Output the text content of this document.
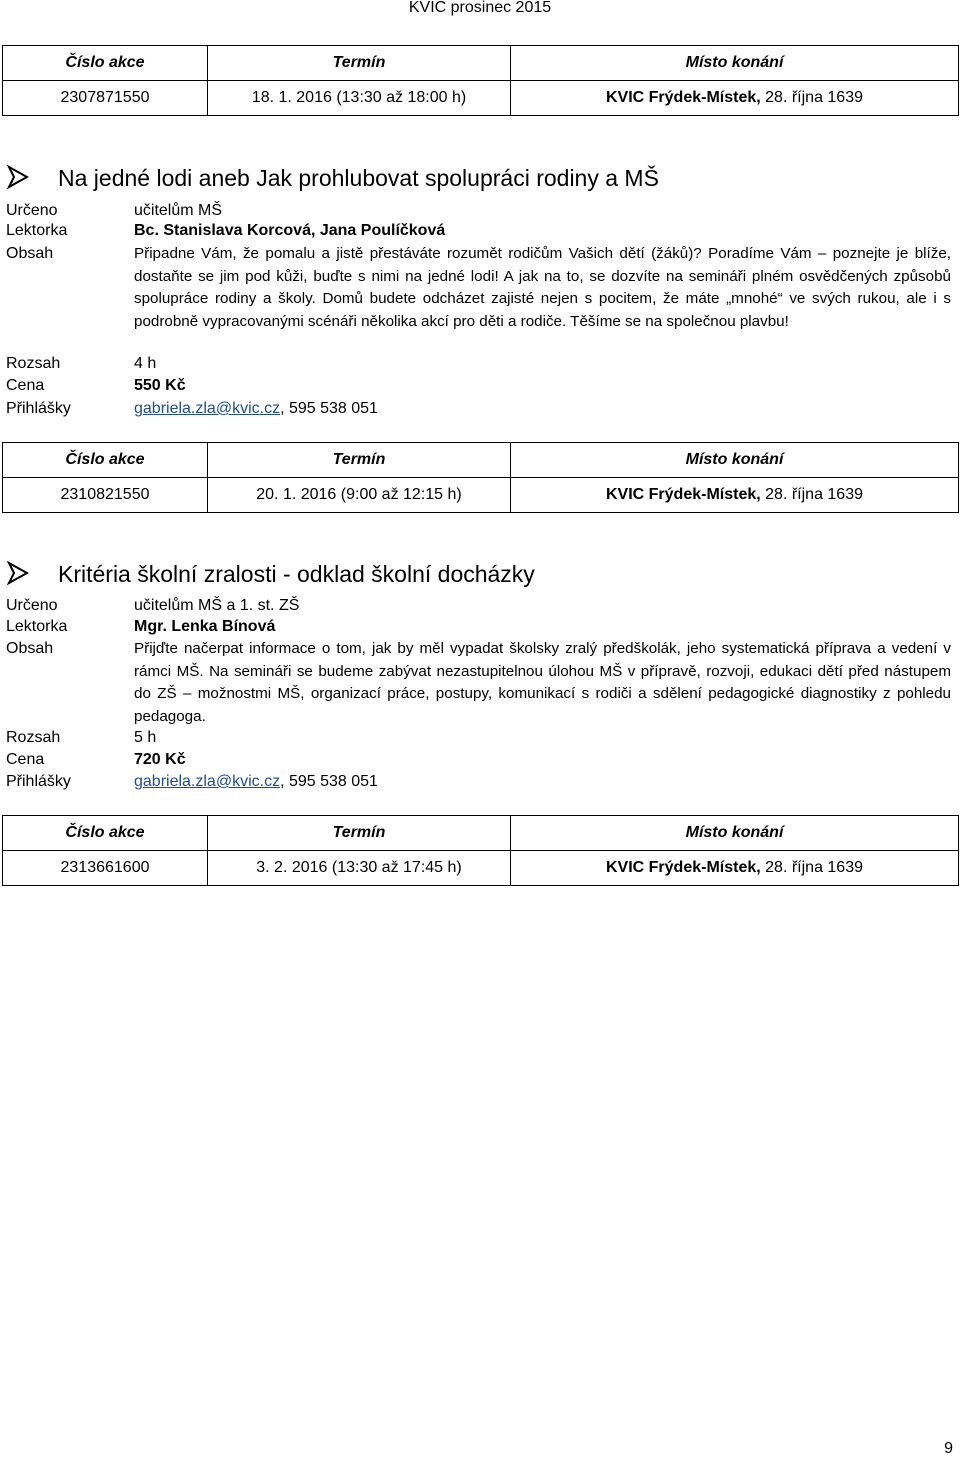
KVIC prosinec 2015
Číslo akce	Termín	Místo konání
2307871550	18. 1. 2016 (13:30 až 18:00 h)	KVIC Frýdek-Místek, 28. října 1639
Na jedné lodi aneb Jak prohlubovat spolupráci rodiny a MŠ
Určeno	učitelům MŠ
Lektorka	Bc. Stanislava Korcová, Jana Poulíčková
Obsah	Připadne Vám, že pomalu a jistě přestáváte rozumět rodičům Vašich dětí (žáků)? Poradíme Vám – poznejte je blíže, dostaňte se jim pod kůži, buďte s nimi na jedné lodi! A jak na to, se dozvíte na semináři plném osvědčených způsobů spolupráce rodiny a školy. Domů budete odcházet zajisté nejen s pocitem, že máte „mnohé“ ve svých rukou, ale i s podrobně vypracovanými scénáři několika akcí pro děti a rodiče. Těšíme se na společnou plavbu!
Rozsah	4 h
Cena	550 Kč
Přihlášky	gabriela.zla@kvic.cz, 595 538 051
Číslo akce	Termín	Místo konání
2310821550	20. 1. 2016 (9:00 až 12:15 h)	KVIC Frýdek-Místek, 28. října 1639
Kritéria školní zralosti - odklad školní docházky
Určeno	učitelům MŠ a 1. st. ZŠ
Lektorka	Mgr. Lenka Bínová
Obsah	Přijďte načerpat informace o tom, jak by měl vypadat školsky zralý předškolák, jeho systematická příprava a vedení v rámci MŠ. Na semináři se budeme zabývat nezastupitelnou úlohou MŠ v přípravě, rozvoji, edukaci dětí před nástupem do ZŠ – možnostmi MŠ, organizací práce, postupy, komunikací s rodiči a sdělení pedagogické diagnostiky z pohledu pedagoga.
Rozsah	5 h
Cena	720 Kč
Přihlášky	gabriela.zla@kvic.cz, 595 538 051
Číslo akce	Termín	Místo konání
2313661600	3. 2. 2016 (13:30 až 17:45 h)	KVIC Frýdek-Místek, 28. října 1639
9
